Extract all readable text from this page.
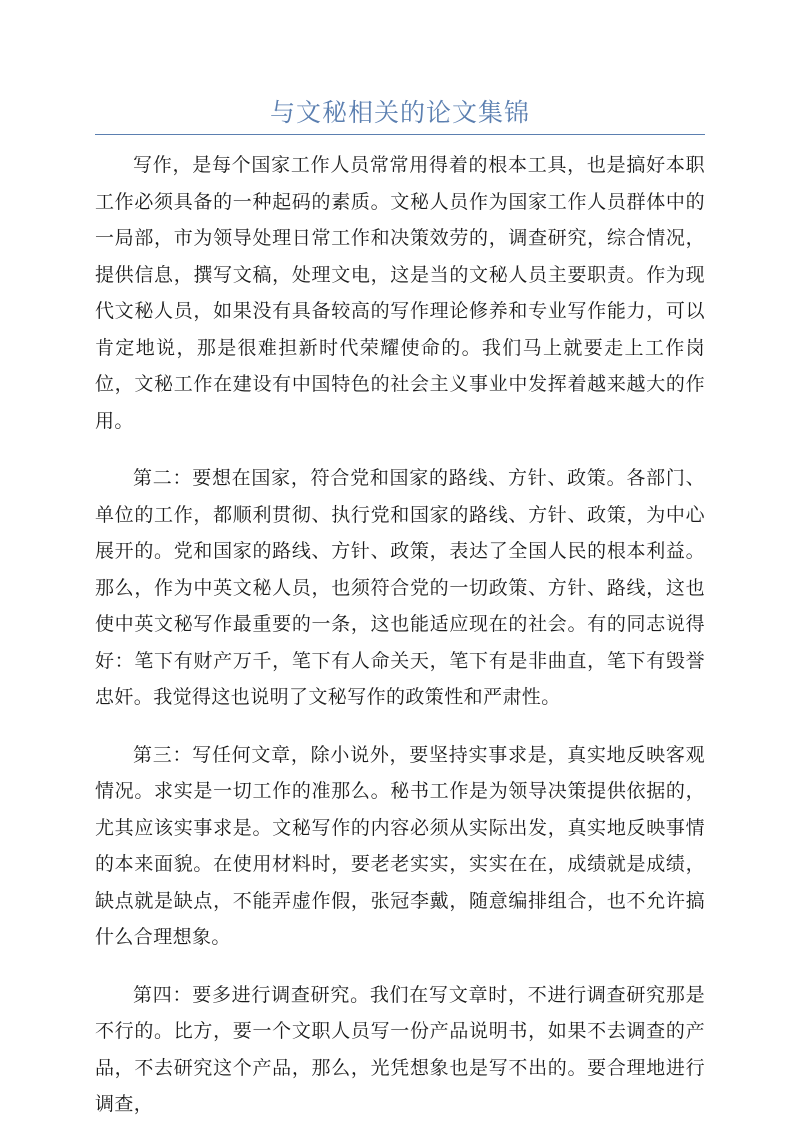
与文秘相关的论文集锦

写作，是每个国家工作人员常常用得着的根本工具，也是搞好本职工作必须具备的一种起码的素质。文秘人员作为国家工作人员群体中的一局部，市为领导处理日常工作和决策效劳的，调查研究，综合情况，提供信息，撰写文稿，处理文电，这是当的文秘人员主要职责。作为现代文秘人员，如果没有具备较高的写作理论修养和专业写作能力，可以肯定地说，那是很难担新时代荣耀使命的。我们马上就要走上工作岗位，文秘工作在建设有中国特色的社会主义事业中发挥着越来越大的作用。

第二：要想在国家，符合党和国家的路线、方针、政策。各部门、单位的工作，都顺利贯彻、执行党和国家的路线、方针、政策，为中心展开的。党和国家的路线、方针、政策，表达了全国人民的根本利益。那么，作为中英文秘人员，也须符合党的一切政策、方针、路线，这也使中英文秘写作最重要的一条，这也能适应现在的社会。有的同志说得好：笔下有财产万千，笔下有人命关天，笔下有是非曲直，笔下有毁誉忠奸。我觉得这也说明了文秘写作的政策性和严肃性。

第三：写任何文章，除小说外，要坚持实事求是，真实地反映客观情况。求实是一切工作的准那么。秘书工作是为领导决策提供依据的，尤其应该实事求是。文秘写作的内容必须从实际出发，真实地反映事情的本来面貌。在使用材料时，要老老实实，实实在在，成绩就是成绩，缺点就是缺点，不能弄虚作假，张冠李戴，随意编排组合，也不允许搞什么合理想象。

第四：要多进行调查研究。我们在写文章时，不进行调查研究那是不行的。比方，要一个文职人员写一份产品说明书，如果不去调查的产品，不去研究这个产品，那么，光凭想象也是写不出的。要合理地进行调查，
